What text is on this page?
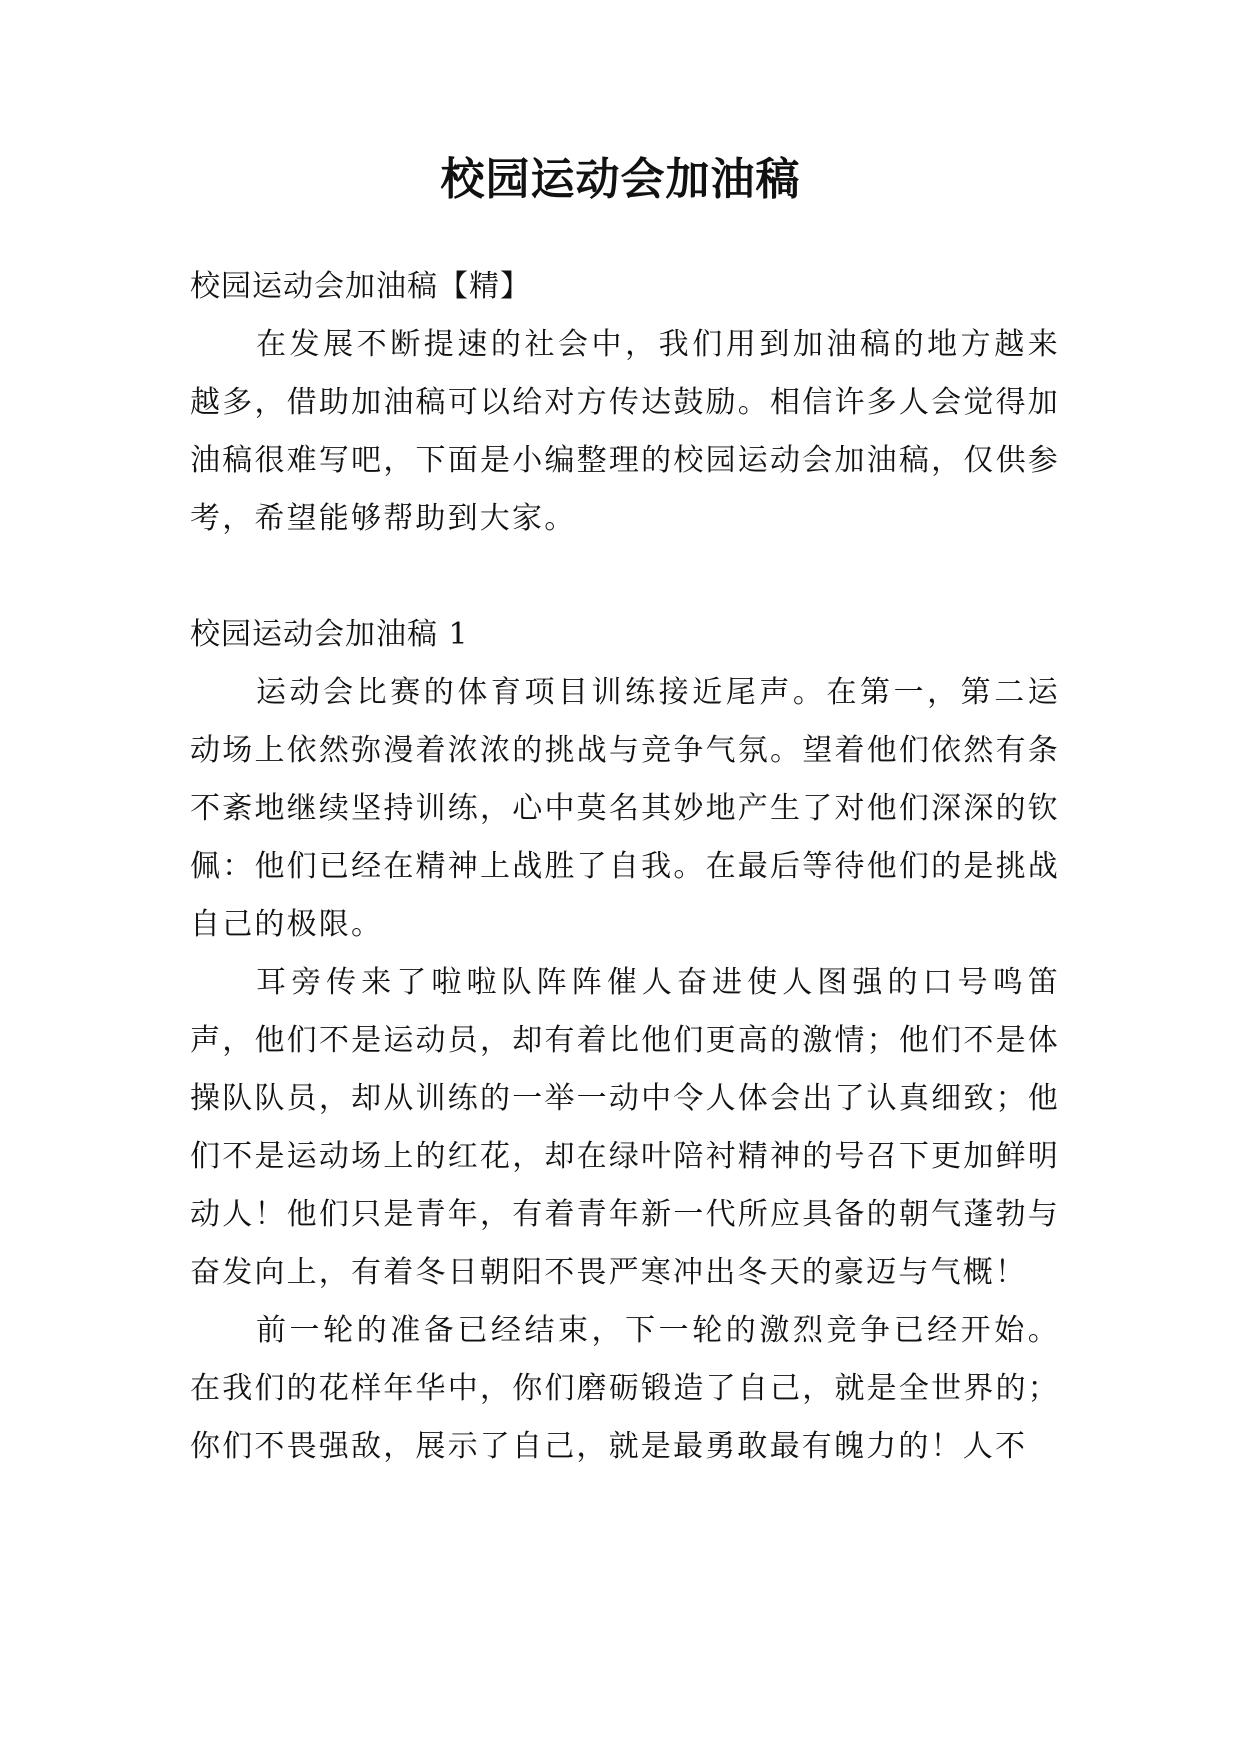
校园运动会加油稿

校园运动会加油稿【精】

在发展不断提速的社会中，我们用到加油稿的地方越来越多，借助加油稿可以给对方传达鼓励。相信许多人会觉得加油稿很难写吧，下面是小编整理的校园运动会加油稿，仅供参考，希望能够帮助到大家。

校园运动会加油稿 1

运动会比赛的体育项目训练接近尾声。在第一，第二运动场上依然弥漫着浓浓的挑战与竞争气氛。望着他们依然有条不紊地继续坚持训练，心中莫名其妙地产生了对他们深深的钦佩：他们已经在精神上战胜了自我。在最后等待他们的是挑战自己的极限。

耳旁传来了啦啦队阵阵催人奋进使人图强的口号鸣笛声，他们不是运动员，却有着比他们更高的激情；他们不是体操队队员，却从训练的一举一动中令人体会出了认真细致；他们不是运动场上的红花，却在绿叶陪衬精神的号召下更加鲜明动人！他们只是青年，有着青年新一代所应具备的朝气蓬勃与奋发向上，有着冬日朝阳不畏严寒冲出冬天的豪迈与气概！

前一轮的准备已经结束，下一轮的激烈竞争已经开始。在我们的花样年华中，你们磨砺锻造了自己，就是全世界的；你们不畏强敌，展示了自己，就是最勇敢最有魄力的！人不
